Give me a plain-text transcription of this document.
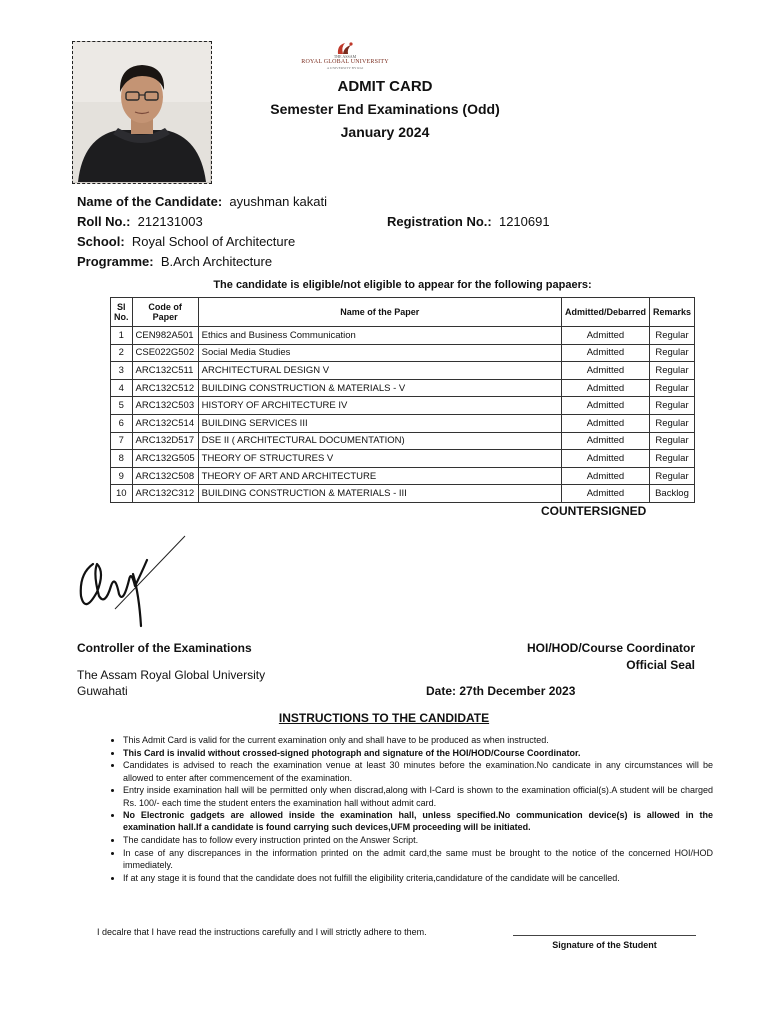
THE ASSAM
ROYAL GLOBAL UNIVERSITY
A UNIVERSITY BY RGI
ADMIT CARD
Semester End Examinations (Odd)
January 2024
Name of the Candidate: ayushman kakati
Roll No.: 212131003	Registration No.: 1210691
School: Royal School of Architecture
Programme: B.Arch Architecture
The candidate is eligible/not eligible to appear for the following papaers:
Sl No.	Code of Paper	Name of the Paper	Admitted/Debarred	Remarks
1	CEN982A501	Ethics and Business Communication	Admitted	Regular
2	CSE022G502	Social Media Studies	Admitted	Regular
3	ARC132C511	ARCHITECTURAL DESIGN V	Admitted	Regular
4	ARC132C512	BUILDING CONSTRUCTION & MATERIALS - V	Admitted	Regular
5	ARC132C503	HISTORY OF ARCHITECTURE IV	Admitted	Regular
6	ARC132C514	BUILDING SERVICES III	Admitted	Regular
7	ARC132D517	DSE II ( ARCHITECTURAL DOCUMENTATION)	Admitted	Regular
8	ARC132G505	THEORY OF STRUCTURES V	Admitted	Regular
9	ARC132C508	THEORY OF ART AND ARCHITECTURE	Admitted	Regular
10	ARC132C312	BUILDING CONSTRUCTION & MATERIALS - III	Admitted	Backlog
COUNTERSIGNED
Controller of the Examinations
The Assam Royal Global University
Guwahati
HOI/HOD/Course Coordinator
Official Seal
Date: 27th December 2023
INSTRUCTIONS TO THE CANDIDATE
• This Admit Card is valid for the current examination only and shall have to be produced as when instructed.
• This Card is invalid without crossed-signed photograph and signature of the HOI/HOD/Course Coordinator.
• Candidates is advised to reach the examination venue at least 30 minutes before the examination.No candicate in any circumstances will be allowed to enter after commencement of the examination.
• Entry inside examination hall will be permitted only when discrad,along with I-Card is shown to the examination official(s).A student will be charged Rs. 100/- each time the student enters the examination hall without admit card.
• No Electronic gadgets are allowed inside the examination hall, unless specified.No communication device(s) is allowed in the examination hall.If a candidate is found carrying such devices,UFM proceeding will be initiated.
• The candidate has to follow every instruction printed on the Answer Script.
• In case of any discrepances in the information printed on the admit card,the same must be brought to the notice of the concerned HOI/HOD immediately.
• If at any stage it is found that the candidate does not fulfill the eligibility criteria,candidature of the candidate will be cancelled.
I decalre that I have read the instructions carefully and I will strictly adhere to them.
Signature of the Student
